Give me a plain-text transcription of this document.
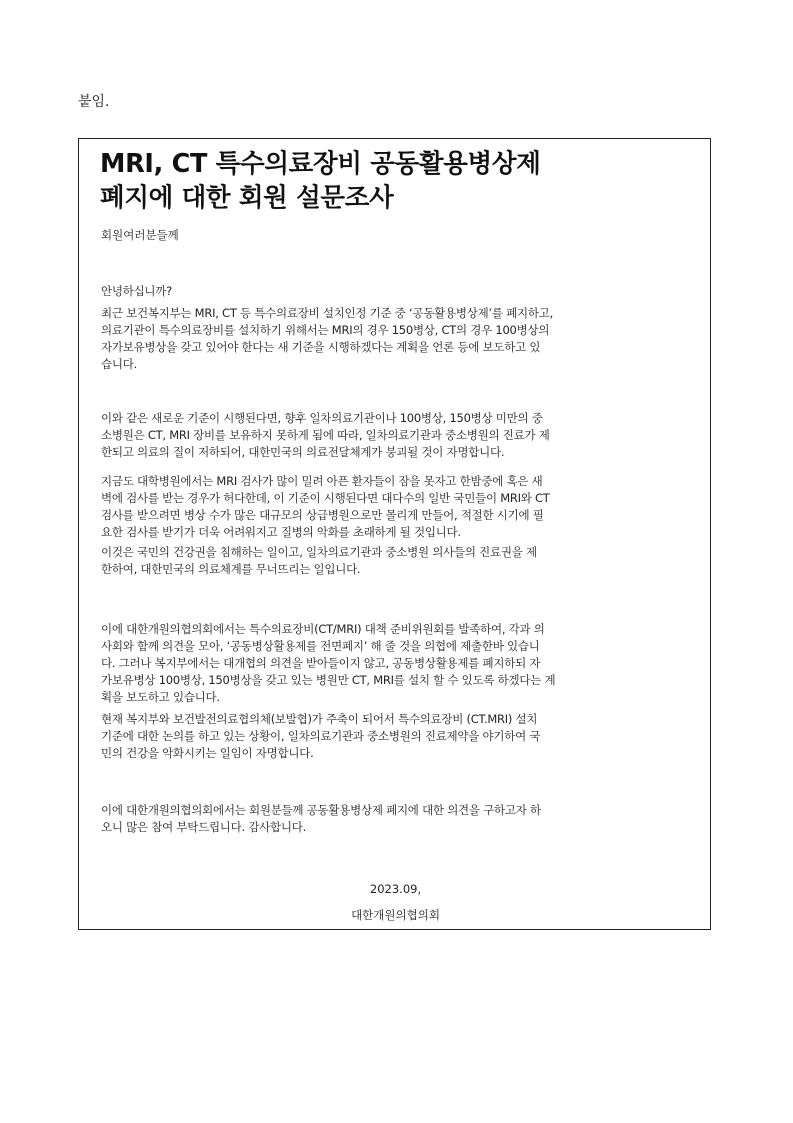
붙임.
MRI, CT 특수의료장비 공동활용병상제
폐지에 대한 회원 설문조사
회원여러분들께
안녕하십니까?
최근 보건복지부는 MRI, CT 등 특수의료장비 설치인정 기준 중 ‘공동활용병상제’를 폐지하고,
의료기관이 특수의료장비를 설치하기 위해서는 MRI의 경우 150병상, CT의 경우 100병상의
자가보유병상을 갖고 있어야 한다는 새 기준을 시행하겠다는 계획을 언론 등에 보도하고 있
습니다.
이와 같은 새로운 기준이 시행된다면, 향후 일차의료기관이나 100병상, 150병상 미만의 중
소병원은 CT, MRI 장비를 보유하지 못하게 됨에 따라, 일차의료기관과 중소병원의 진료가 제
한되고 의료의 질이 저하되어, 대한민국의 의료전달체계가 붕괴될 것이 자명합니다.
지금도 대학병원에서는 MRI 검사가 많이 밀려 아픈 환자들이 잠을 못자고 한밤중에 혹은 새
벽에 검사를 받는 경우가 허다한데, 이 기준이 시행된다면 대다수의 일반 국민들이 MRI와 CT
검사를 받으려면 병상 수가 많은 대규모의 상급병원으로만 몰리게 만들어, 적절한 시기에 필
요한 검사를 받기가 더욱 어려워지고 질병의 악화를 초래하게 될 것입니다.
이것은 국민의 건강권을 침해하는 일이고, 일차의료기관과 중소병원 의사들의 진료권을 제
한하여, 대한민국의 의료체계를 무너뜨리는 일입니다.
이에 대한개원의협의회에서는 특수의료장비(CT/MRI) 대책 준비위원회를 발족하여, 각과 의
사회와 함께 의견을 모아, ‘공동병상활용제를 전면폐지’ 해 줄 것을 의협에 제출한바 있습니
다. 그러나 복지부에서는 대개협의 의견을 받아들이지 않고, 공동병상활용제를 폐지하되 자
가보유병상 100병상, 150병상을 갖고 있는 병원만 CT, MRI를 설치 할 수 있도록 하겠다는 계
획을 보도하고 있습니다.
현재 복지부와 보건발전의료협의체(보발협)가 주축이 되어서 특수의료장비 (CT.MRI) 설치
기준에 대한 논의를 하고 있는 상황이, 일차의료기관과 중소병원의 진료제약을 야기하여 국
민의 건강을 악화시키는 일임이 자명합니다.
이에 대한개원의협의회에서는 회원분들께 공동활용병상제 폐지에 대한 의견을 구하고자 하
오니 많은 참여 부탁드립니다. 감사합니다.
2023.09,
대한개원의협의회
